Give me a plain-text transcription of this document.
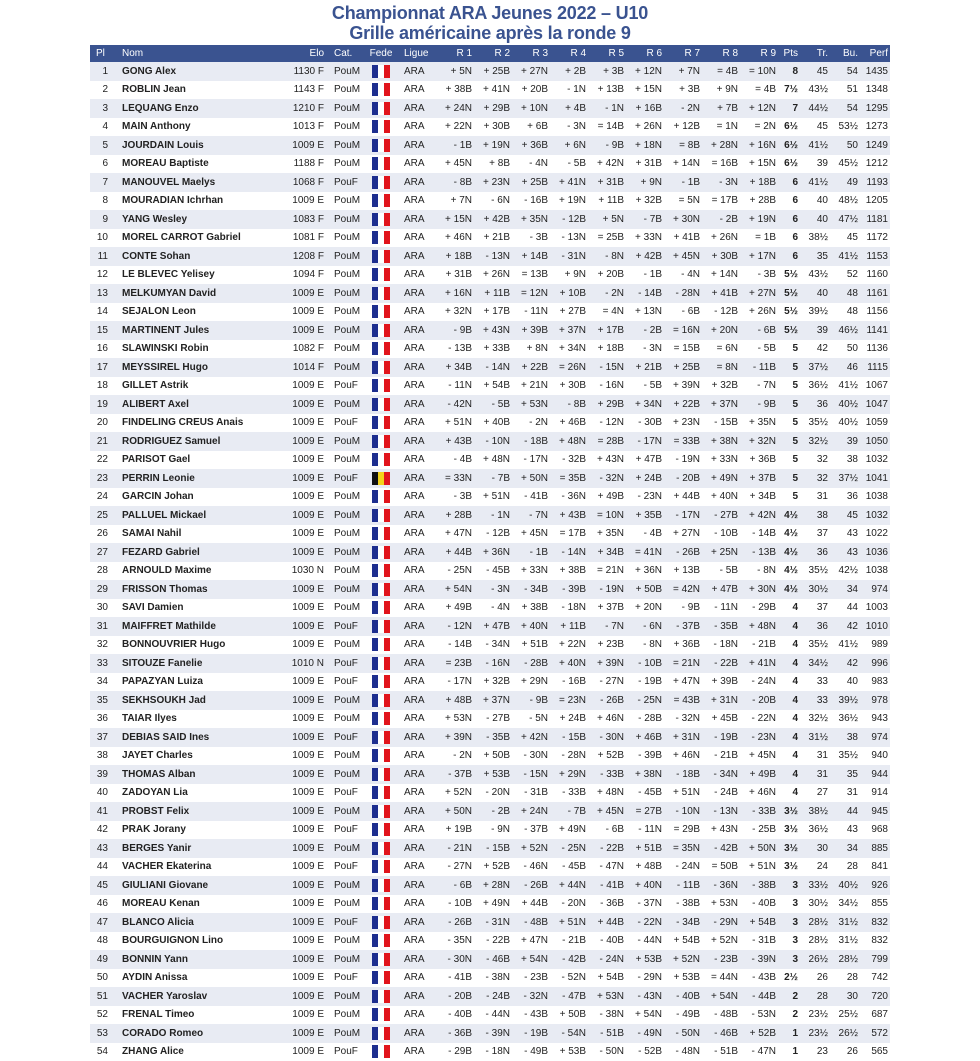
Championnat ARA Jeunes 2022 – U10
Grille américaine après la ronde 9
Pl	Nom	Elo	Cat.	Fede	Ligue	R 1	R 2	R 3	R 4	R 5	R 6	R 7	R 8	R 9	Pts	Tr.	Bu.	Perf
1	GONG Alex	1130 F	PouM		ARA	+ 5N	+ 25B	+ 27N	+ 2B	+ 3B	+ 12N	+ 7N	= 4B	= 10N	8	45	54	1435
2	ROBLIN Jean	1143 F	PouM		ARA	+ 38B	+ 41N	+ 20B	- 1N	+ 13B	+ 15N	+ 3B	+ 9N	= 4B	7½	43½	51	1348
3	LEQUANG Enzo	1210 F	PouM		ARA	+ 24N	+ 29B	+ 10N	+ 4B	- 1N	+ 16B	- 2N	+ 7B	+ 12N	7	44½	54	1295
4	MAIN Anthony	1013 F	PouM		ARA	+ 22N	+ 30B	+ 6B	- 3N	= 14B	+ 26N	+ 12B	= 1N	= 2N	6½	45	53½	1273
5	JOURDAIN Louis	1009 E	PouM		ARA	- 1B	+ 19N	+ 36B	+ 6N	- 9B	+ 18N	= 8B	+ 28N	+ 16N	6½	41½	50	1249
6	MOREAU Baptiste	1188 F	PouM		ARA	+ 45N	+ 8B	- 4N	- 5B	+ 42N	+ 31B	+ 14N	= 16B	+ 15N	6½	39	45½	1212
7	MANOUVEL Maelys	1068 F	PouF		ARA	- 8B	+ 23N	+ 25B	+ 41N	+ 31B	+ 9N	- 1B	- 3N	+ 18B	6	41½	49	1193
8	MOURADIAN Ichrhan	1009 E	PouM		ARA	+ 7N	- 6N	- 16B	+ 19N	+ 11B	+ 32B	= 5N	= 17B	+ 28B	6	40	48½	1205
9	YANG Wesley	1083 F	PouM		ARA	+ 15N	+ 42B	+ 35N	- 12B	+ 5N	- 7B	+ 30N	- 2B	+ 19N	6	40	47½	1181
10	MOREL CARROT Gabriel	1081 F	PouM		ARA	+ 46N	+ 21B	- 3B	- 13N	= 25B	+ 33N	+ 41B	+ 26N	= 1B	6	38½	45	1172
11	CONTE Sohan	1208 F	PouM		ARA	+ 18B	- 13N	+ 14B	- 31N	- 8N	+ 42B	+ 45N	+ 30B	+ 17N	6	35	41½	1153
12	LE BLEVEC Yelisey	1094 F	PouM		ARA	+ 31B	+ 26N	= 13B	+ 9N	+ 20B	- 1B	- 4N	+ 14N	- 3B	5½	43½	52	1160
13	MELKUMYAN David	1009 E	PouM		ARA	+ 16N	+ 11B	= 12N	+ 10B	- 2N	- 14B	- 28N	+ 41B	+ 27N	5½	40	48	1161
14	SEJALON Leon	1009 E	PouM		ARA	+ 32N	+ 17B	- 11N	+ 27B	= 4N	+ 13N	- 6B	- 12B	+ 26N	5½	39½	48	1156
15	MARTINENT Jules	1009 E	PouM		ARA	- 9B	+ 43N	+ 39B	+ 37N	+ 17B	- 2B	= 16N	+ 20N	- 6B	5½	39	46½	1141
16	SLAWINSKI Robin	1082 F	PouM		ARA	- 13B	+ 33B	+ 8N	+ 34N	+ 18B	- 3N	= 15B	= 6N	- 5B	5	42	50	1136
17	MEYSSIREL Hugo	1014 F	PouM		ARA	+ 34B	- 14N	+ 22B	= 26N	- 15N	+ 21B	+ 25B	= 8N	- 11B	5	37½	46	1115
18	GILLET Astrik	1009 E	PouF		ARA	- 11N	+ 54B	+ 21N	+ 30B	- 16N	- 5B	+ 39N	+ 32B	- 7N	5	36½	41½	1067
19	ALIBERT Axel	1009 E	PouM		ARA	- 42N	- 5B	+ 53N	- 8B	+ 29B	+ 34N	+ 22B	+ 37N	- 9B	5	36	40½	1047
20	FINDELING CREUS Anais	1009 E	PouF		ARA	+ 51N	+ 40B	- 2N	+ 46B	- 12N	- 30B	+ 23N	- 15B	+ 35N	5	35½	40½	1059
21	RODRIGUEZ Samuel	1009 E	PouM		ARA	+ 43B	- 10N	- 18B	+ 48N	= 28B	- 17N	= 33B	+ 38N	+ 32N	5	32½	39	1050
22	PARISOT Gael	1009 E	PouM		ARA	- 4B	+ 48N	- 17N	- 32B	+ 43N	+ 47B	- 19N	+ 33N	+ 36B	5	32	38	1032
23	PERRIN Leonie	1009 E	PouF		ARA	= 33N	- 7B	+ 50N	= 35B	- 32N	+ 24B	- 20B	+ 49N	+ 37B	5	32	37½	1041
24	GARCIN Johan	1009 E	PouM		ARA	- 3B	+ 51N	- 41B	- 36N	+ 49B	- 23N	+ 44B	+ 40N	+ 34B	5	31	36	1038
25	PALLUEL Mickael	1009 E	PouM		ARA	+ 28B	- 1N	- 7N	+ 43B	= 10N	+ 35B	- 17N	- 27B	+ 42N	4½	38	45	1032
26	SAMAI Nahil	1009 E	PouM		ARA	+ 47N	- 12B	+ 45N	= 17B	+ 35N	- 4B	+ 27N	- 10B	- 14B	4½	37	43	1022
27	FEZARD Gabriel	1009 E	PouM		ARA	+ 44B	+ 36N	- 1B	- 14N	+ 34B	= 41N	- 26B	+ 25N	- 13B	4½	36	43	1036
28	ARNOULD Maxime	1030 N	PouM		ARA	- 25N	- 45B	+ 33N	+ 38B	= 21N	+ 36N	+ 13B	- 5B	- 8N	4½	35½	42½	1038
29	FRISSON Thomas	1009 E	PouM		ARA	+ 54N	- 3N	- 34B	- 39B	- 19N	+ 50B	= 42N	+ 47B	+ 30N	4½	30½	34	974
30	SAVI Damien	1009 E	PouM		ARA	+ 49B	- 4N	+ 38B	- 18N	+ 37B	+ 20N	- 9B	- 11N	- 29B	4	37	44	1003
31	MAIFFRET Mathilde	1009 E	PouF		ARA	- 12N	+ 47B	+ 40N	+ 11B	- 7N	- 6N	- 37B	- 35B	+ 48N	4	36	42	1010
32	BONNOUVRIER Hugo	1009 E	PouM		ARA	- 14B	- 34N	+ 51B	+ 22N	+ 23B	- 8N	+ 36B	- 18N	- 21B	4	35½	41½	989
33	SITOUZE Fanelie	1010 N	PouF		ARA	= 23B	- 16N	- 28B	+ 40N	+ 39N	- 10B	= 21N	- 22B	+ 41N	4	34½	42	996
34	PAPAZYAN Luiza	1009 E	PouF		ARA	- 17N	+ 32B	+ 29N	- 16B	- 27N	- 19B	+ 47N	+ 39B	- 24N	4	33	40	983
35	SEKHSOUKH Jad	1009 E	PouM		ARA	+ 48B	+ 37N	- 9B	= 23N	- 26B	- 25N	= 43B	+ 31N	- 20B	4	33	39½	978
36	TAIAR Ilyes	1009 E	PouM		ARA	+ 53N	- 27B	- 5N	+ 24B	+ 46N	- 28B	- 32N	+ 45B	- 22N	4	32½	36½	943
37	DEBIAS SAID Ines	1009 E	PouF		ARA	+ 39N	- 35B	+ 42N	- 15B	- 30N	+ 46B	+ 31N	- 19B	- 23N	4	31½	38	974
38	JAYET Charles	1009 E	PouM		ARA	- 2N	+ 50B	- 30N	- 28N	+ 52B	- 39B	+ 46N	- 21B	+ 45N	4	31	35½	940
39	THOMAS Alban	1009 E	PouM		ARA	- 37B	+ 53B	- 15N	+ 29N	- 33B	+ 38N	- 18B	- 34N	+ 49B	4	31	35	944
40	ZADOYAN Lia	1009 E	PouF		ARA	+ 52N	- 20N	- 31B	- 33B	+ 48N	- 45B	+ 51N	- 24B	+ 46N	4	27	31	914
41	PROBST Felix	1009 E	PouM		ARA	+ 50N	- 2B	+ 24N	- 7B	+ 45N	= 27B	- 10N	- 13N	- 33B	3½	38½	44	945
42	PRAK Jorany	1009 E	PouF		ARA	+ 19B	- 9N	- 37B	+ 49N	- 6B	- 11N	= 29B	+ 43N	- 25B	3½	36½	43	968
43	BERGES Yanir	1009 E	PouM		ARA	- 21N	- 15B	+ 52N	- 25N	- 22B	+ 51B	= 35N	- 42B	+ 50N	3½	30	34	885
44	VACHER Ekaterina	1009 E	PouF		ARA	- 27N	+ 52B	- 46N	- 45B	- 47N	+ 48B	- 24N	= 50B	+ 51N	3½	24	28	841
45	GIULIANI Giovane	1009 E	PouM		ARA	- 6B	+ 28N	- 26B	+ 44N	- 41B	+ 40N	- 11B	- 36N	- 38B	3	33½	40½	926
46	MOREAU Kenan	1009 E	PouM		ARA	- 10B	+ 49N	+ 44B	- 20N	- 36B	- 37N	- 38B	+ 53N	- 40B	3	30½	34½	855
47	BLANCO Alicia	1009 E	PouF		ARA	- 26B	- 31N	- 48B	+ 51N	+ 44B	- 22N	- 34B	- 29N	+ 54B	3	28½	31½	832
48	BOURGUIGNON Lino	1009 E	PouM		ARA	- 35N	- 22B	+ 47N	- 21B	- 40B	- 44N	+ 54B	+ 52N	- 31B	3	28½	31½	832
49	BONNIN Yann	1009 E	PouM		ARA	- 30N	- 46B	+ 54N	- 42B	- 24N	+ 53B	+ 52N	- 23B	- 39N	3	26½	28½	799
50	AYDIN Anissa	1009 E	PouF		ARA	- 41B	- 38N	- 23B	- 52N	+ 54B	- 29N	+ 53B	= 44N	- 43B	2½	26	28	742
51	VACHER Yaroslav	1009 E	PouM		ARA	- 20B	- 24B	- 32N	- 47B	+ 53N	- 43N	- 40B	+ 54N	- 44B	2	28	30	720
52	FRENAL Timeo	1009 E	PouM		ARA	- 40B	- 44N	- 43B	+ 50B	- 38N	+ 54N	- 49B	- 48B	- 53N	2	23½	25½	687
53	CORADO Romeo	1009 E	PouM		ARA	- 36B	- 39N	- 19B	- 54N	- 51B	- 49N	- 50N	- 46B	+ 52B	1	23½	26½	572
54	ZHANG Alice	1009 E	PouF		ARA	- 29B	- 18N	- 49B	+ 53B	- 50N	- 52B	- 48N	- 51B	- 47N	1	23	26	565
